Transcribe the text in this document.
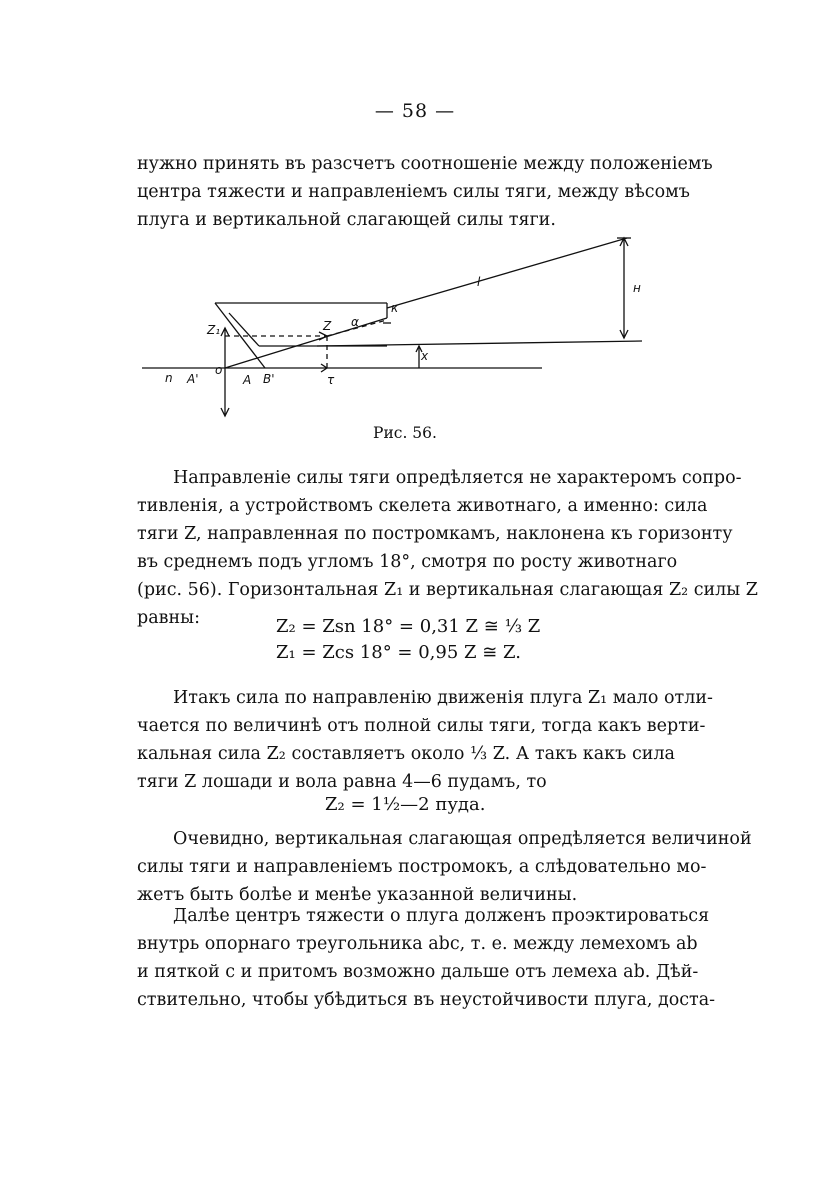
— 58 —

нужно принять въ разсчетъ соотношеніе между положеніемъ
центра тяжести и направленіемъ силы тяги, между вѣсомъ
плуга и вертикальной слагающей силы тяги.

l	н
к
Z
Z₁
α
о
A
A'	B'
n	τ
x
Рис. 56.

Направленіе силы тяги опредѣляется не характеромъ сопро-
тивленія, а устройствомъ скелета животнаго, а именно: сила
тяги Z, направленная по постромкамъ, наклонена къ горизонту
въ среднемъ подъ угломъ 18°, смотря по росту животнаго
(рис. 56). Горизонтальная Z₁ и вертикальная слагающая Z₂ силы Z
равны:	Z₂ = Zsn 18° = 0,31 Z ≅ ⅓ Z
Z₁ = Zcs 18° = 0,95 Z ≅ Z.

Итакъ сила по направленію движенія плуга Z₁ мало отли-
чается по величинѣ отъ полной силы тяги, тогда какъ верти-
кальная сила Z₂ составляетъ около ⅓ Z. А такъ какъ сила
тяги Z лошади и вола равна 4—6 пудамъ, то

Z₂ = 1½—2 пуда.

Очевидно, вертикальная слагающая опредѣляется величиной
силы тяги и направленіемъ постромокъ, а слѣдовательно мо-
жетъ быть болѣе и менѣе указанной величины.

Далѣе центръ тяжести о плуга долженъ проэктироваться
внутрь опорнаго треугольника abc, т. е. между лемехомъ ab
и пяткой с и притомъ возможно дальше отъ лемеха ab. Дѣй-
ствительно, чтобы убѣдиться въ неустойчивости плуга, доста-
